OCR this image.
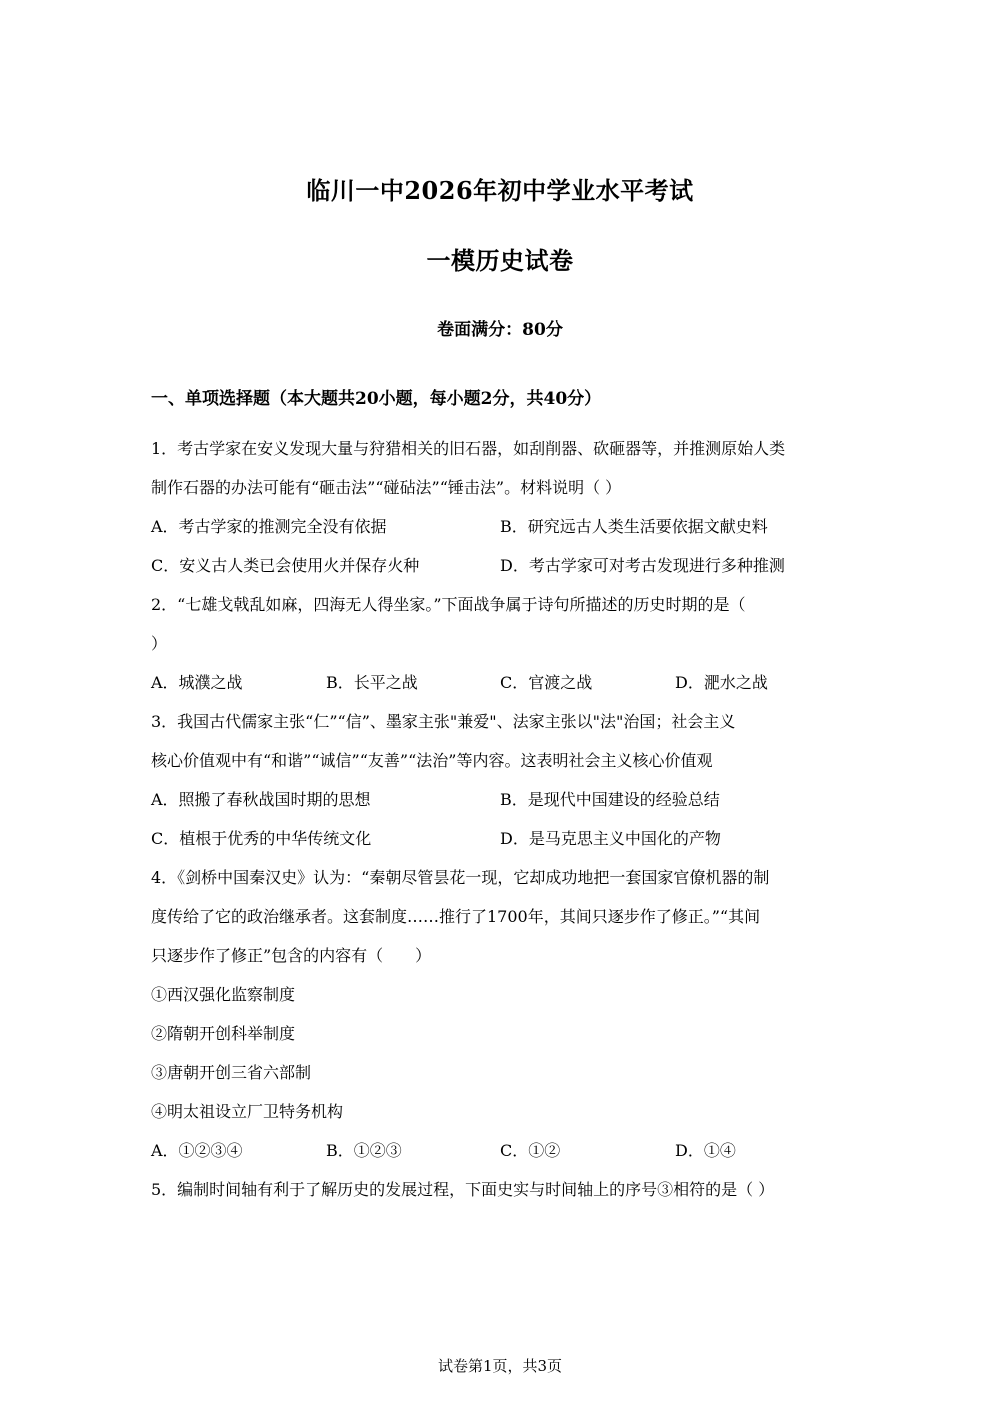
临川一中2026年初中学业水平考试
一模历史试卷
卷面满分：80分
一、单项选择题（本大题共20小题，每小题2分，共40分）
1．考古学家在安义发现大量与狩猎相关的旧石器，如刮削器、砍砸器等，并推测原始人类
制作石器的办法可能有“砸击法”“碰砧法”“锤击法”。材料说明（ ）
A．考古学家的推测完全没有依据	B．研究远古人类生活要依据文献史料
C．安义古人类已会使用火并保存火种	D．考古学家可对考古发现进行多种推测
2．“七雄戈戟乱如麻，四海无人得坐家。”下面战争属于诗句所描述的历史时期的是（
）
A．城濮之战	B．长平之战	C．官渡之战	D．淝水之战
3．我国古代儒家主张“仁”“信”、墨家主张"兼爱"、法家主张以"法"治国；社会主义
核心价值观中有“和谐”“诚信”“友善”“法治”等内容。这表明社会主义核心价值观
A．照搬了春秋战国时期的思想	B．是现代中国建设的经验总结
C．植根于优秀的中华传统文化	D．是马克思主义中国化的产物
4．《剑桥中国秦汉史》认为：“秦朝尽管昙花一现，它却成功地把一套国家官僚机器的制
度传给了它的政治继承者。这套制度……推行了1700年，其间只逐步作了修正。”“其间
只逐步作了修正”包含的内容有（　　）
①西汉强化监察制度
②隋朝开创科举制度
③唐朝开创三省六部制
④明太祖设立厂卫特务机构
A．①②③④	B．①②③	C．①②	D．①④
5．编制时间轴有利于了解历史的发展过程，下面史实与时间轴上的序号③相符的是（ ）
试卷第1页，共3页
